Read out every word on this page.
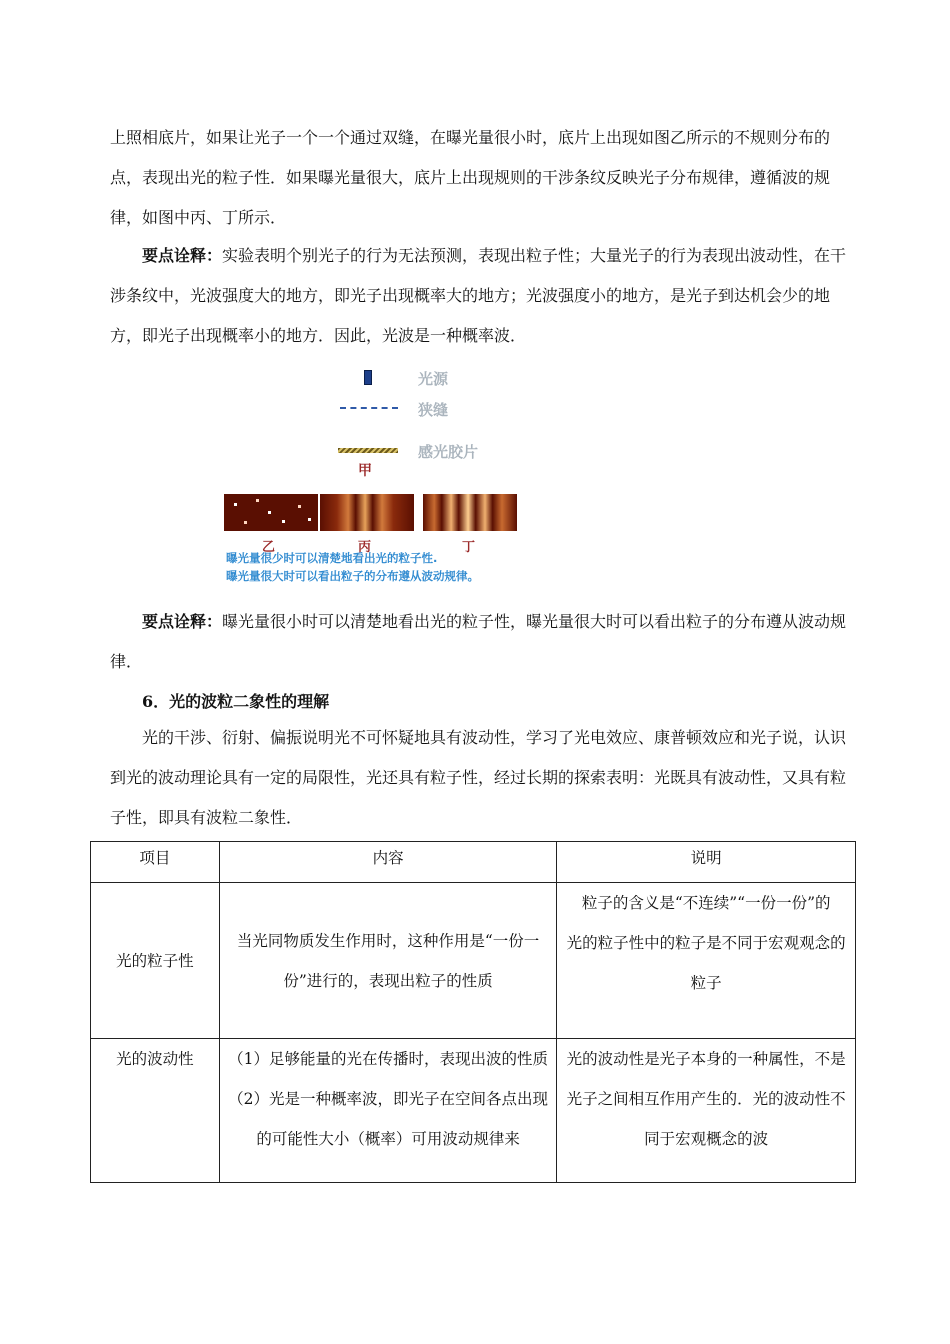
上照相底片，如果让光子一个一个通过双缝，在曝光量很小时，底片上出现如图乙所示的不规则分布的点，表现出光的粒子性．如果曝光量很大，底片上出现规则的干涉条纹反映光子分布规律，遵循波的规律，如图中丙、丁所示．
要点诠释：实验表明个别光子的行为无法预测，表现出粒子性；大量光子的行为表现出波动性，在干涉条纹中，光波强度大的地方，即光子出现概率大的地方；光波强度小的地方，是光子到达机会少的地方，即光子出现概率小的地方．因此，光波是一种概率波．
光源
狭缝
感光胶片
甲
乙	丙	丁
曝光量很少时可以清楚地看出光的粒子性.
曝光量很大时可以看出粒子的分布遵从波动规律。
要点诠释：曝光量很小时可以清楚地看出光的粒子性，曝光量很大时可以看出粒子的分布遵从波动规律．
6．光的波粒二象性的理解
光的干涉、衍射、偏振说明光不可怀疑地具有波动性，学习了光电效应、康普顿效应和光子说，认识到光的波动理论具有一定的局限性，光还具有粒子性，经过长期的探索表明：光既具有波动性，又具有粒子性，即具有波粒二象性．
项目	内容	说明
光的粒子性	当光同物质发生作用时，这种作用是“一份一份”进行的，表现出粒子的性质	粒子的含义是“不连续”“一份一份”的
光的粒子性中的粒子是不同于宏观观念的粒子

光的波动性	（1）足够能量的光在传播时，表现出波的性质
（2）光是一种概率波，即光子在空间各点出现的可能性大小（概率）可用波动规律来	光的波动性是光子本身的一种属性，不是光子之间相互作用产生的．光的波动性不同于宏观概念的波
